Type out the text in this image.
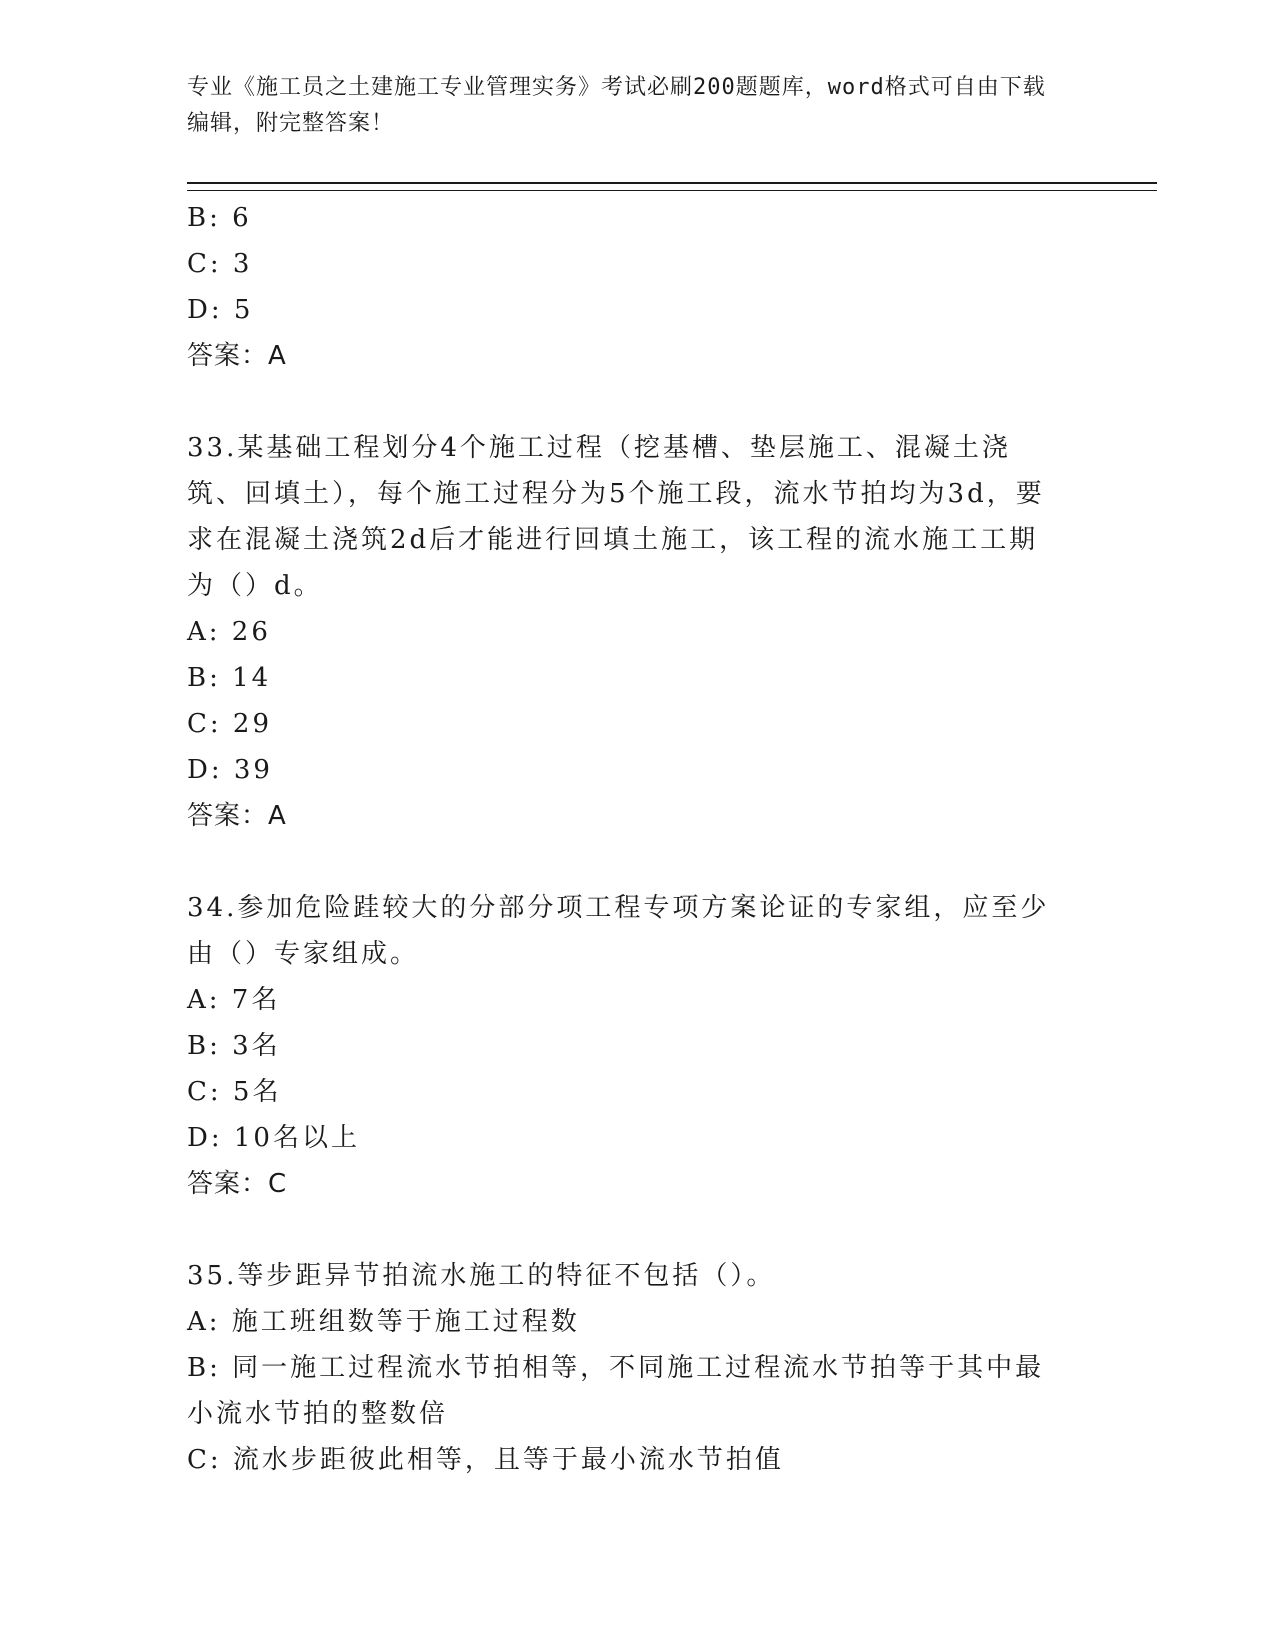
专业《施工员之土建施工专业管理实务》考试必刷200题题库，word格式可自由下载编辑，附完整答案！
B: 6
C: 3
D: 5
答案：A
33.某基础工程划分4个施工过程（挖基槽、垫层施工、混凝土浇筑、回填土），每个施工过程分为5个施工段，流水节拍均为3d，要求在混凝土浇筑2d后才能进行回填土施工，该工程的流水施工工期为（）d。
A: 26
B: 14
C: 29
D: 39
答案：A
34.参加危险跬较大的分部分项工程专项方案论证的专家组，应至少由（）专家组成。
A: 7名
B: 3名
C: 5名
D: 10名以上
答案：C
35.等步距异节拍流水施工的特征不包括（）。
A: 施工班组数等于施工过程数
B: 同一施工过程流水节拍相等，不同施工过程流水节拍等于其中最小流水节拍的整数倍
C: 流水步距彼此相等，且等于最小流水节拍值
